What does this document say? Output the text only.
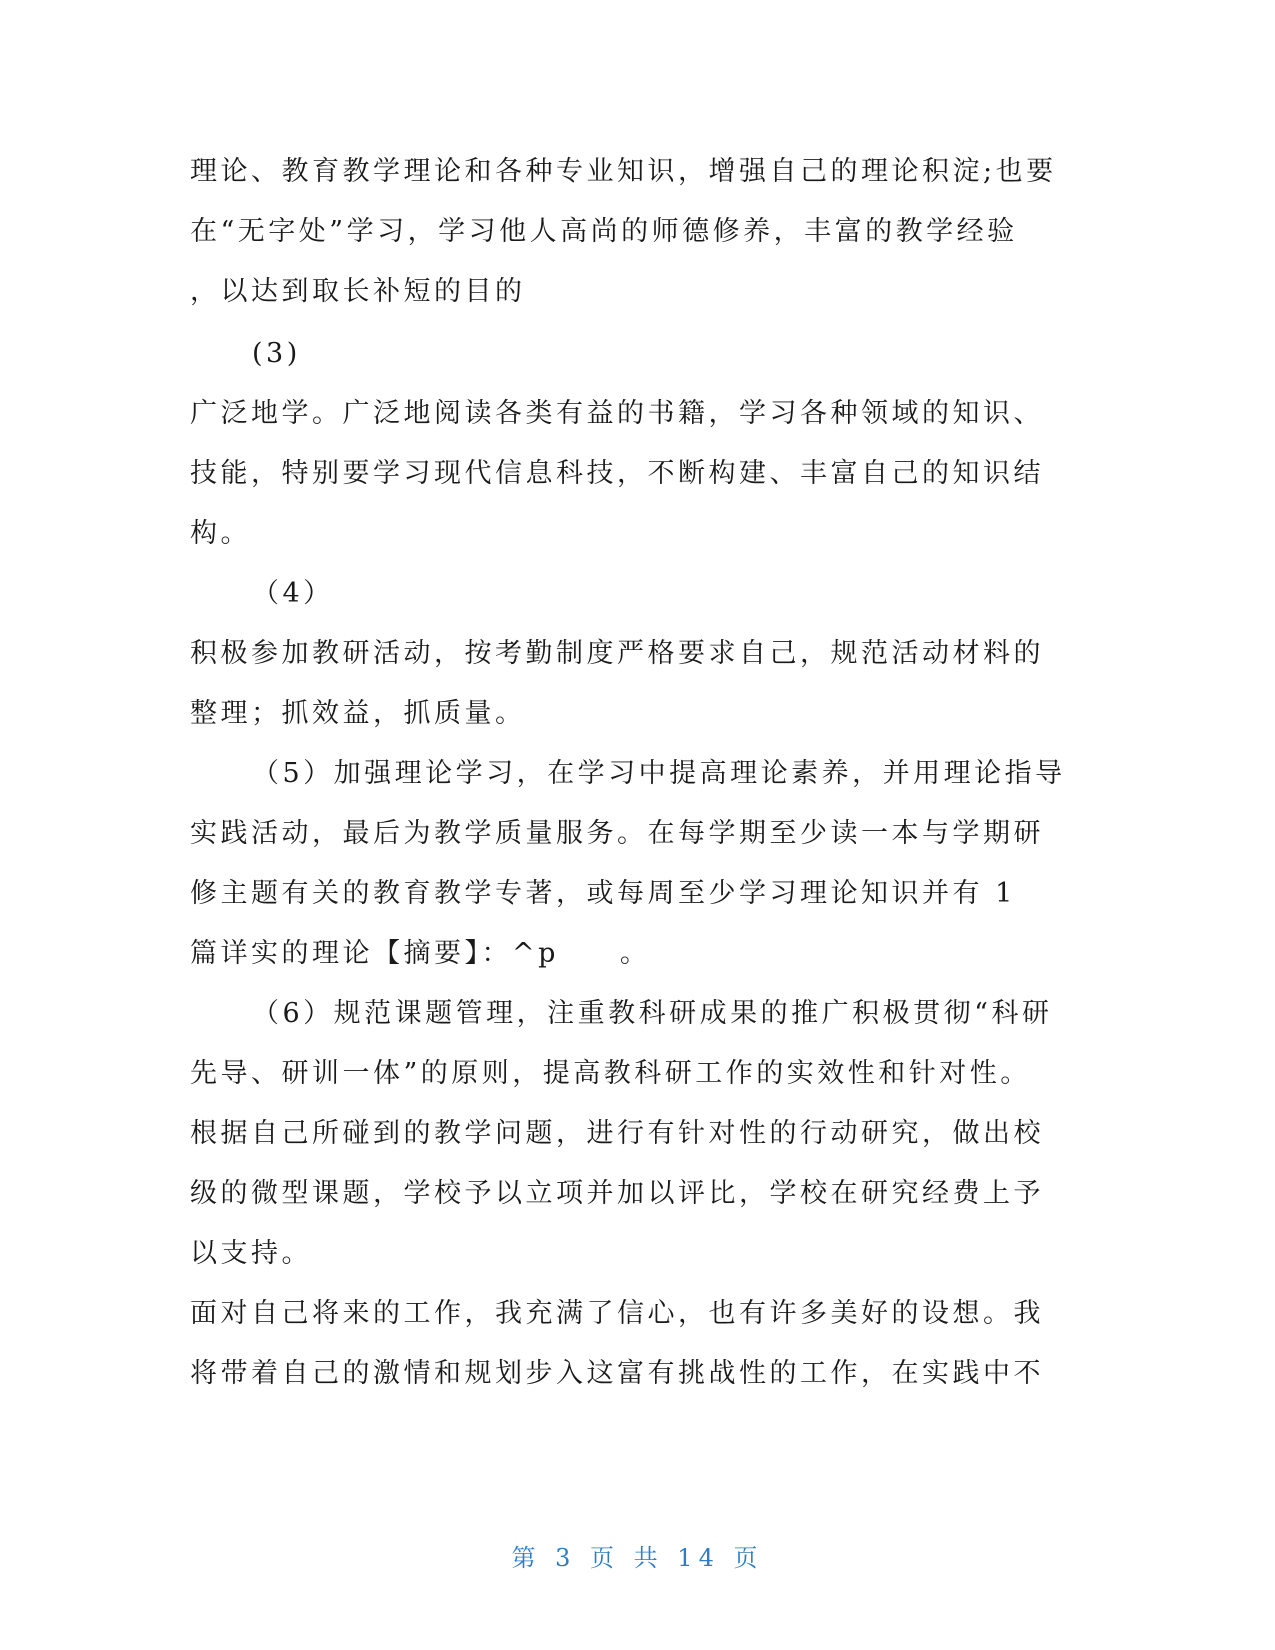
理论、教育教学理论和各种专业知识，增强自己的理论积淀;也要
在“无字处”学习，学习他人高尚的师德修养，丰富的教学经验
，以达到取长补短的目的
(3)
广泛地学。广泛地阅读各类有益的书籍，学习各种领域的知识、
技能，特别要学习现代信息科技，不断构建、丰富自己的知识结
构。
（4）
积极参加教研活动，按考勤制度严格要求自己，规范活动材料的
整理；抓效益，抓质量。
（5）加强理论学习，在学习中提高理论素养，并用理论指导
实践活动，最后为教学质量服务。在每学期至少读一本与学期研
修主题有关的教育教学专著，或每周至少学习理论知识并有 1
篇详实的理论【摘要】：^p　　。
（6）规范课题管理，注重教科研成果的推广积极贯彻“科研
先导、研训一体”的原则，提高教科研工作的实效性和针对性。
根据自己所碰到的教学问题，进行有针对性的行动研究，做出校
级的微型课题，学校予以立项并加以评比，学校在研究经费上予
以支持。
面对自己将来的工作，我充满了信心，也有许多美好的设想。我
将带着自己的激情和规划步入这富有挑战性的工作，在实践中不
第 3 页 共 14 页
